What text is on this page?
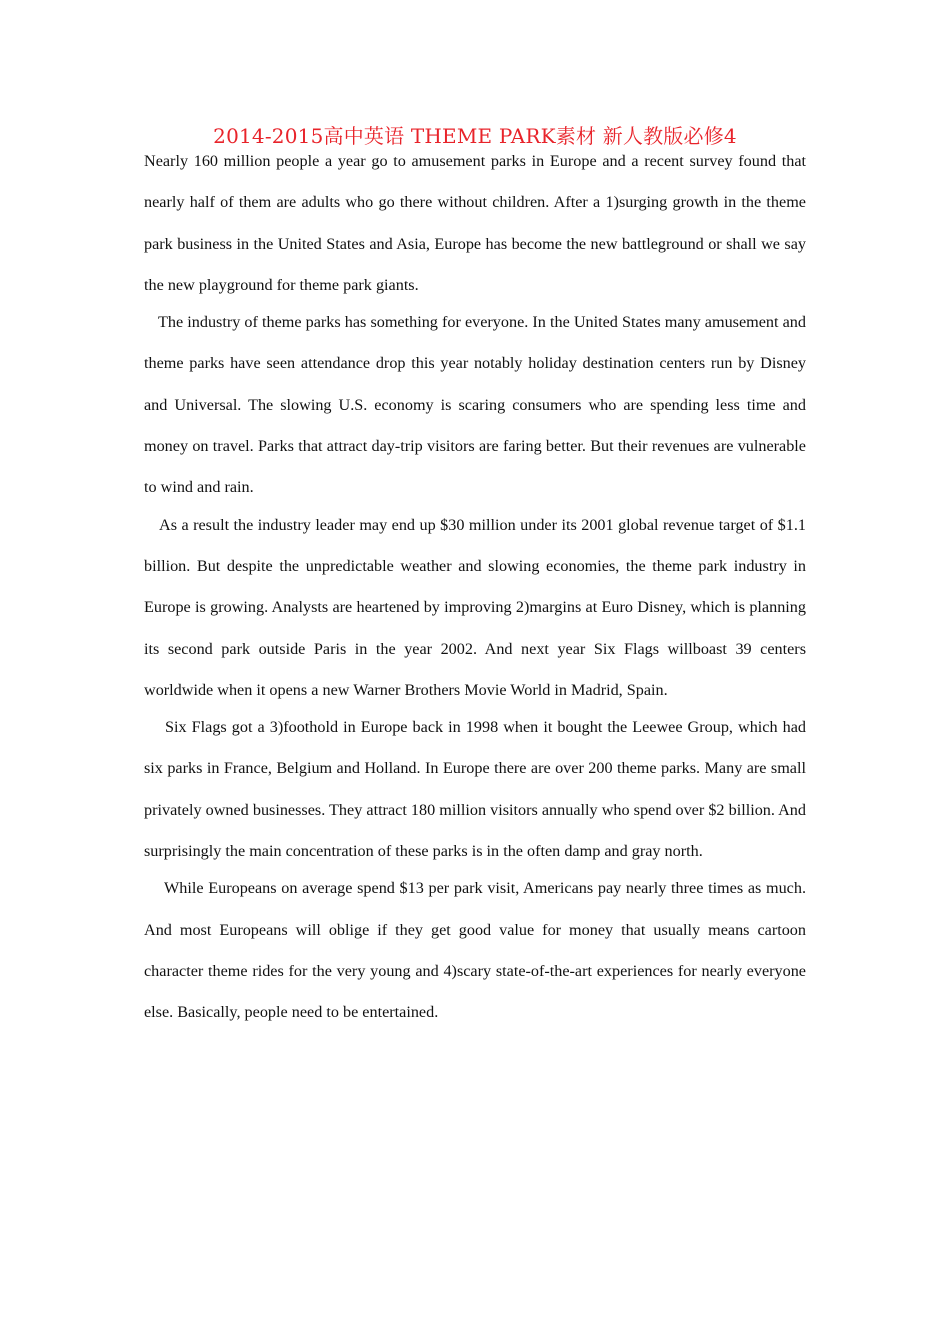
2014-2015高中英语 THEME PARK素材 新人教版必修4

Nearly 160 million people a year go to amusement parks in Europe and a recent survey found that nearly half of them are adults who go there without children. After a 1)surging growth in the theme park business in the United States and Asia, Europe has become the new battleground or shall we say the new playground for theme park giants.

The industry of theme parks has something for everyone. In the United States many amusement and theme parks have seen attendance drop this year notably holiday destination centers run by Disney and Universal. The slowing U.S. economy is scaring consumers who are spending less time and money on travel. Parks that attract day-trip visitors are faring better. But their revenues are vulnerable to wind and rain.

As a result the industry leader may end up $30 million under its 2001 global revenue target of $1.1 billion. But despite the unpredictable weather and slowing economies, the theme park industry in Europe is growing. Analysts are heartened by improving 2)margins at Euro Disney, which is planning its second park outside Paris in the year 2002. And next year Six Flags willboast 39 centers worldwide when it opens a new Warner Brothers Movie World in Madrid, Spain.

Six Flags got a 3)foothold in Europe back in 1998 when it bought the Leewee Group, which had six parks in France, Belgium and Holland. In Europe there are over 200 theme parks. Many are small privately owned businesses. They attract 180 million visitors annually who spend over $2 billion. And surprisingly the main concentration of these parks is in the often damp and gray north.

While Europeans on average spend $13 per park visit, Americans pay nearly three times as much. And most Europeans will oblige if they get good value for money that usually means cartoon character theme rides for the very young and 4)scary state-of-the-art experiences for nearly everyone else. Basically, people need to be entertained.
